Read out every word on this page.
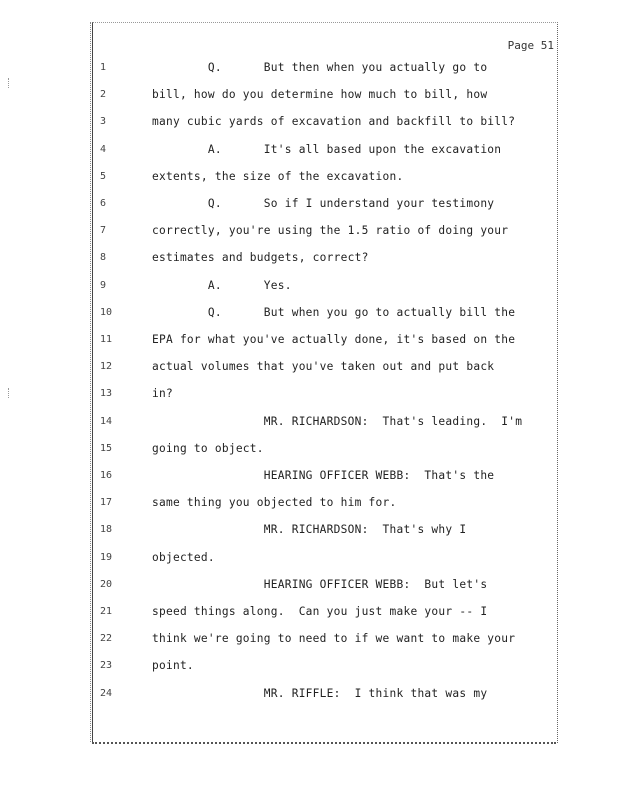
Page 51
1	Q.      But then when you actually go to
2	bill, how do you determine how much to bill, how
3	many cubic yards of excavation and backfill to bill?
4	A.      It's all based upon the excavation
5	extents, the size of the excavation.
6	Q.      So if I understand your testimony
7	correctly, you're using the 1.5 ratio of doing your
8	estimates and budgets, correct?
9	A.      Yes.
10	Q.      But when you go to actually bill the
11	EPA for what you've actually done, it's based on the
12	actual volumes that you've taken out and put back
13	in?
14	MR. RICHARDSON:  That's leading.  I'm
15	going to object.
16	HEARING OFFICER WEBB:  That's the
17	same thing you objected to him for.
18	MR. RICHARDSON:  That's why I
19	objected.
20	HEARING OFFICER WEBB:  But let's
21	speed things along.  Can you just make your -- I
22	think we're going to need to if we want to make your
23	point.
24	MR. RIFFLE:  I think that was my
